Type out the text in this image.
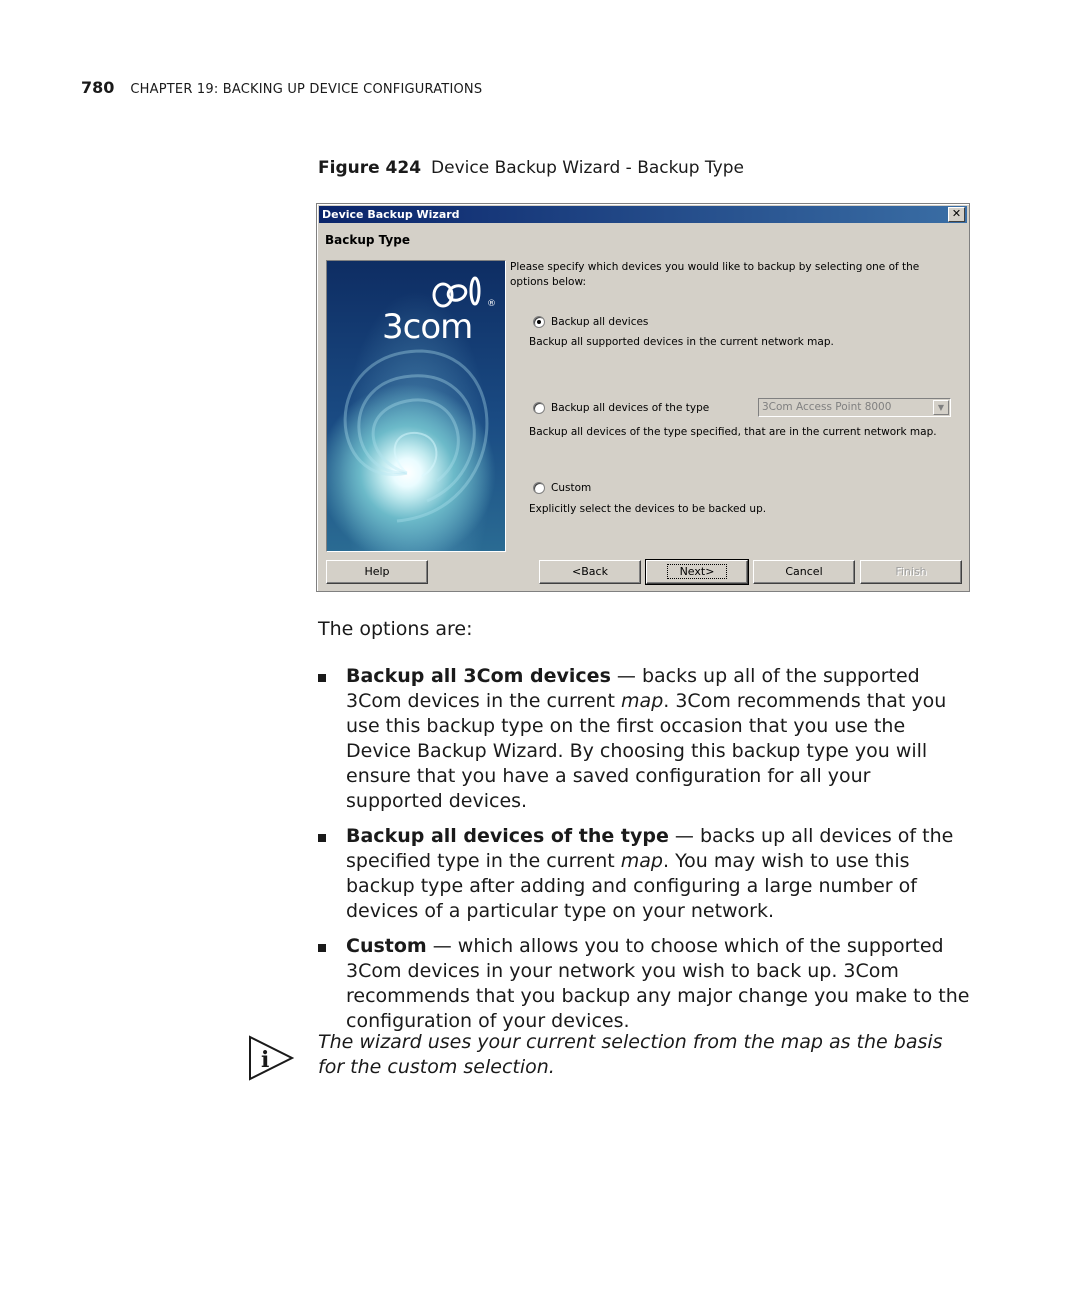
780 CHAPTER 19: BACKING UP DEVICE CONFIGURATIONS
Figure 424 Device Backup Wizard - Backup Type
Device Backup Wizard	✕
Backup Type
3com
®
Please specify which devices you would like to backup by selecting one of the options below:
Backup all devices
Backup all supported devices in the current network map.
Backup all devices of the type	3Com Access Point 8000	▼
Backup all devices of the type specified, that are in the current network map.
Custom
Explicitly select the devices to be backed up.
Help	<Back	Next>	Cancel	Finish
The options are:
Backup all 3Com devices — backs up all of the supported 3Com devices in the current map. 3Com recommends that you use this backup type on the first occasion that you use the Device Backup Wizard. By choosing this backup type you will ensure that you have a saved configuration for all your supported devices.
Backup all devices of the type — backs up all devices of the specified type in the current map. You may wish to use this backup type after adding and configuring a large number of devices of a particular type on your network.
Custom — which allows you to choose which of the supported 3Com devices in your network you wish to back up. 3Com recommends that you backup any major change you make to the configuration of your devices.
i
The wizard uses your current selection from the map as the basis for the custom selection.
